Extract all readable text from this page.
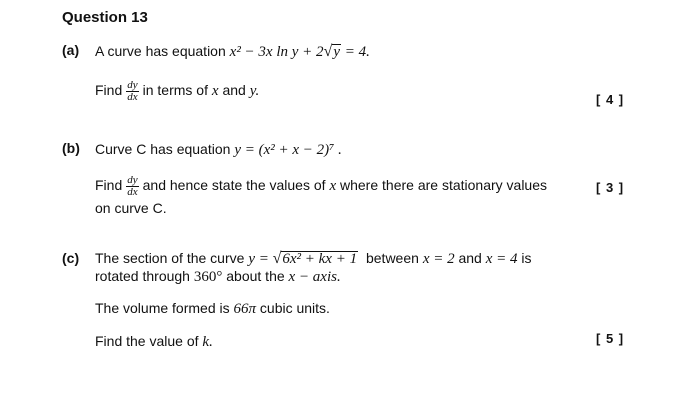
Question 13
(a) A curve has equation x² − 3x ln y + 2√y = 4.
Find $\frac{dy}{dx}$ in terms of x and y.
[ 4 ]
(b) Curve C has equation y = (x² + x − 2)⁷ .
Find $\frac{dy}{dx}$ and hence state the values of x where there are stationary values
on curve C.
[ 3 ]
(c) The section of the curve y = √6x² + kx + 1 between x = 2 and x = 4 is
rotated through 360° about the x − axis.
The volume formed is 66π cubic units.
Find the value of k.	[ 5 ]
